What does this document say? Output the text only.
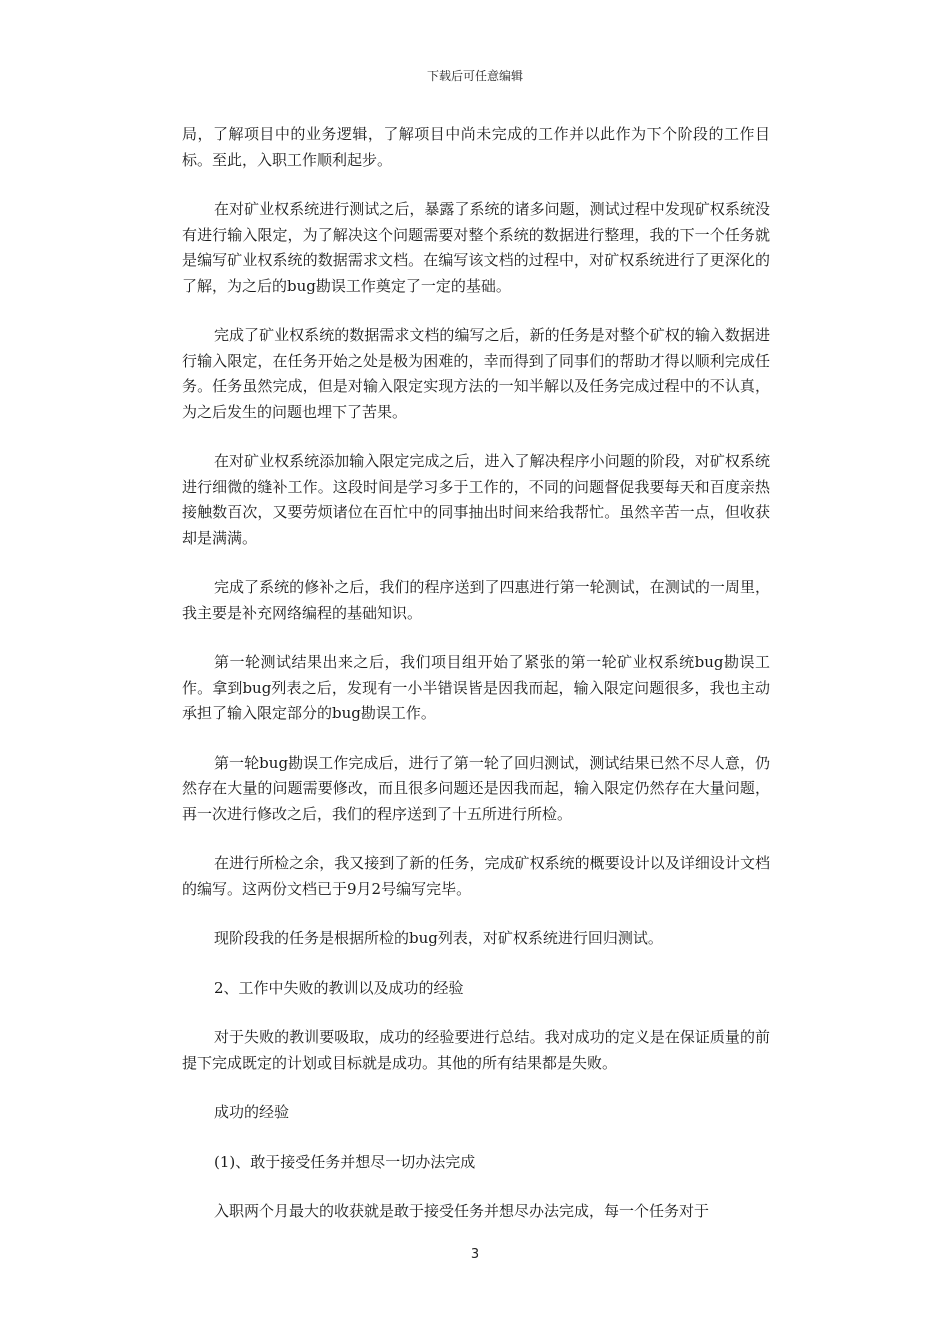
下载后可任意编辑

局，了解项目中的业务逻辑，了解项目中尚未完成的工作并以此作为下个阶段的工作目标。至此，入职工作顺利起步。

在对矿业权系统进行测试之后，暴露了系统的诸多问题，测试过程中发现矿权系统没有进行输入限定，为了解决这个问题需要对整个系统的数据进行整理，我的下一个任务就是编写矿业权系统的数据需求文档。在编写该文档的过程中，对矿权系统进行了更深化的了解，为之后的bug勘误工作奠定了一定的基础。

完成了矿业权系统的数据需求文档的编写之后，新的任务是对整个矿权的输入数据进行输入限定，在任务开始之处是极为困难的，幸而得到了同事们的帮助才得以顺利完成任务。任务虽然完成，但是对输入限定实现方法的一知半解以及任务完成过程中的不认真，为之后发生的问题也埋下了苦果。

在对矿业权系统添加输入限定完成之后，进入了解决程序小问题的阶段，对矿权系统进行细微的缝补工作。这段时间是学习多于工作的，不同的问题督促我要每天和百度亲热接触数百次，又要劳烦诸位在百忙中的同事抽出时间来给我帮忙。虽然辛苦一点，但收获却是满满。

完成了系统的修补之后，我们的程序送到了四惠进行第一轮测试，在测试的一周里，我主要是补充网络编程的基础知识。

第一轮测试结果出来之后，我们项目组开始了紧张的第一轮矿业权系统bug勘误工作。拿到bug列表之后，发现有一小半错误皆是因我而起，输入限定问题很多，我也主动承担了输入限定部分的bug勘误工作。

第一轮bug勘误工作完成后，进行了第一轮了回归测试，测试结果已然不尽人意，仍然存在大量的问题需要修改，而且很多问题还是因我而起，输入限定仍然存在大量问题，再一次进行修改之后，我们的程序送到了十五所进行所检。

在进行所检之余，我又接到了新的任务，完成矿权系统的概要设计以及详细设计文档的编写。这两份文档已于9月2号编写完毕。

现阶段我的任务是根据所检的bug列表，对矿权系统进行回归测试。

2、工作中失败的教训以及成功的经验

对于失败的教训要吸取，成功的经验要进行总结。我对成功的定义是在保证质量的前提下完成既定的计划或目标就是成功。其他的所有结果都是失败。

成功的经验

(1)、敢于接受任务并想尽一切办法完成

入职两个月最大的收获就是敢于接受任务并想尽办法完成，每一个任务对于

3
